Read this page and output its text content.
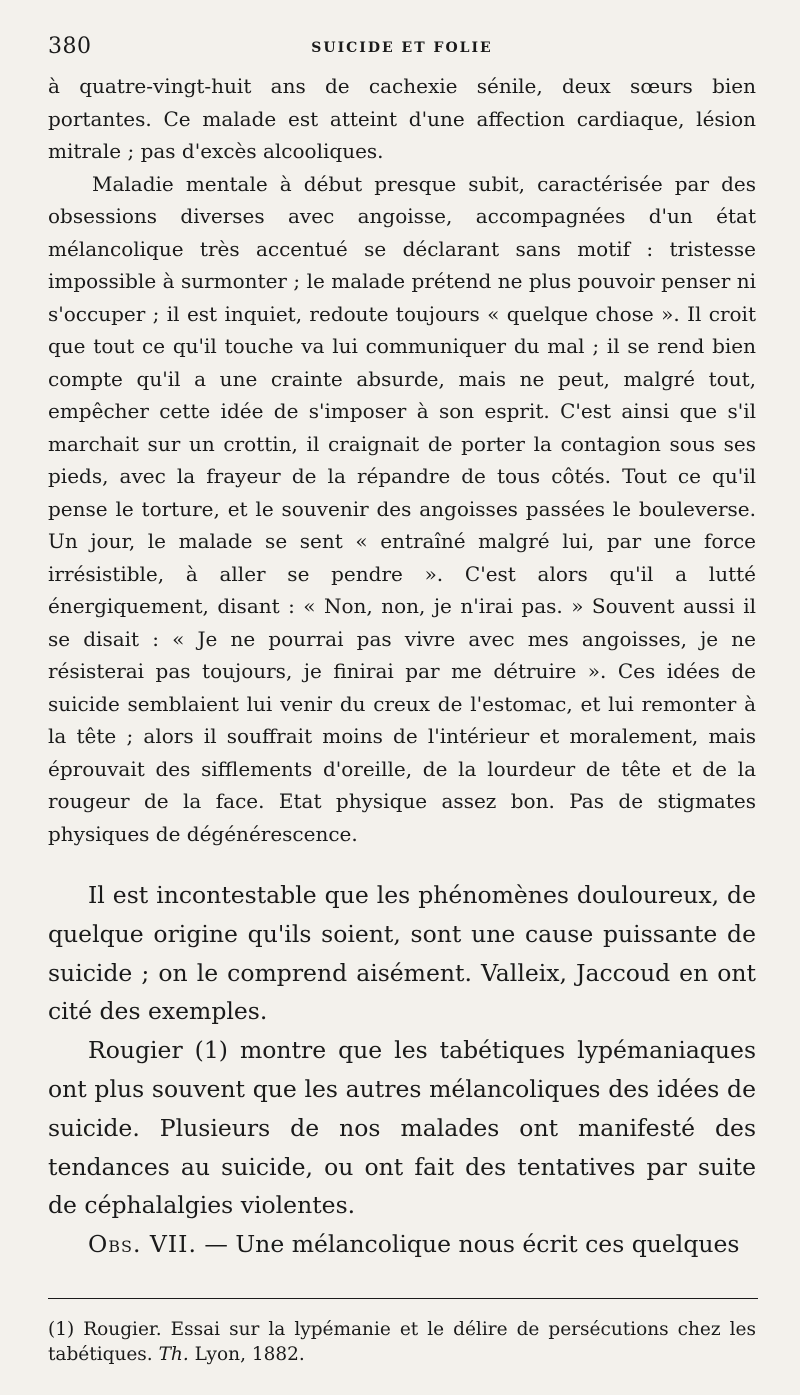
380	SUICIDE ET FOLIE

à quatre-vingt-huit ans de cachexie sénile, deux sœurs bien portantes. Ce malade est atteint d'une affection cardiaque, lésion mitrale ; pas d'excès alcooliques.

Maladie mentale à début presque subit, caractérisée par des obsessions diverses avec angoisse, accompagnées d'un état mélancolique très accentué se déclarant sans motif : tristesse impossible à surmonter ; le malade prétend ne plus pouvoir penser ni s'occuper ; il est inquiet, redoute toujours « quelque chose ». Il croit que tout ce qu'il touche va lui communiquer du mal ; il se rend bien compte qu'il a une crainte absurde, mais ne peut, malgré tout, empêcher cette idée de s'imposer à son esprit. C'est ainsi que s'il marchait sur un crottin, il craignait de porter la contagion sous ses pieds, avec la frayeur de la répandre de tous côtés. Tout ce qu'il pense le torture, et le souvenir des angoisses passées le bouleverse. Un jour, le malade se sent « entraîné malgré lui, par une force irrésistible, à aller se pendre ». C'est alors qu'il a lutté énergiquement, disant : « Non, non, je n'irai pas. » Souvent aussi il se disait : « Je ne pourrai pas vivre avec mes angoisses, je ne résisterai pas toujours, je finirai par me détruire ». Ces idées de suicide semblaient lui venir du creux de l'estomac, et lui remonter à la tête ; alors il souffrait moins de l'intérieur et moralement, mais éprouvait des sifflements d'oreille, de la lourdeur de tête et de la rougeur de la face. Etat physique assez bon. Pas de stigmates physiques de dégénérescence.

Il est incontestable que les phénomènes douloureux, de quelque origine qu'ils soient, sont une cause puissante de suicide ; on le comprend aisément. Valleix, Jaccoud en ont cité des exemples.

Rougier (1) montre que les tabétiques lypémaniaques ont plus souvent que les autres mélancoliques des idées de suicide. Plusieurs de nos malades ont manifesté des tendances au suicide, ou ont fait des tentatives par suite de céphalalgies violentes.

Obs. VII. — Une mélancolique nous écrit ces quelques

(1) Rougier. Essai sur la lypémanie et le délire de persécutions chez les tabétiques. Th. Lyon, 1882.
